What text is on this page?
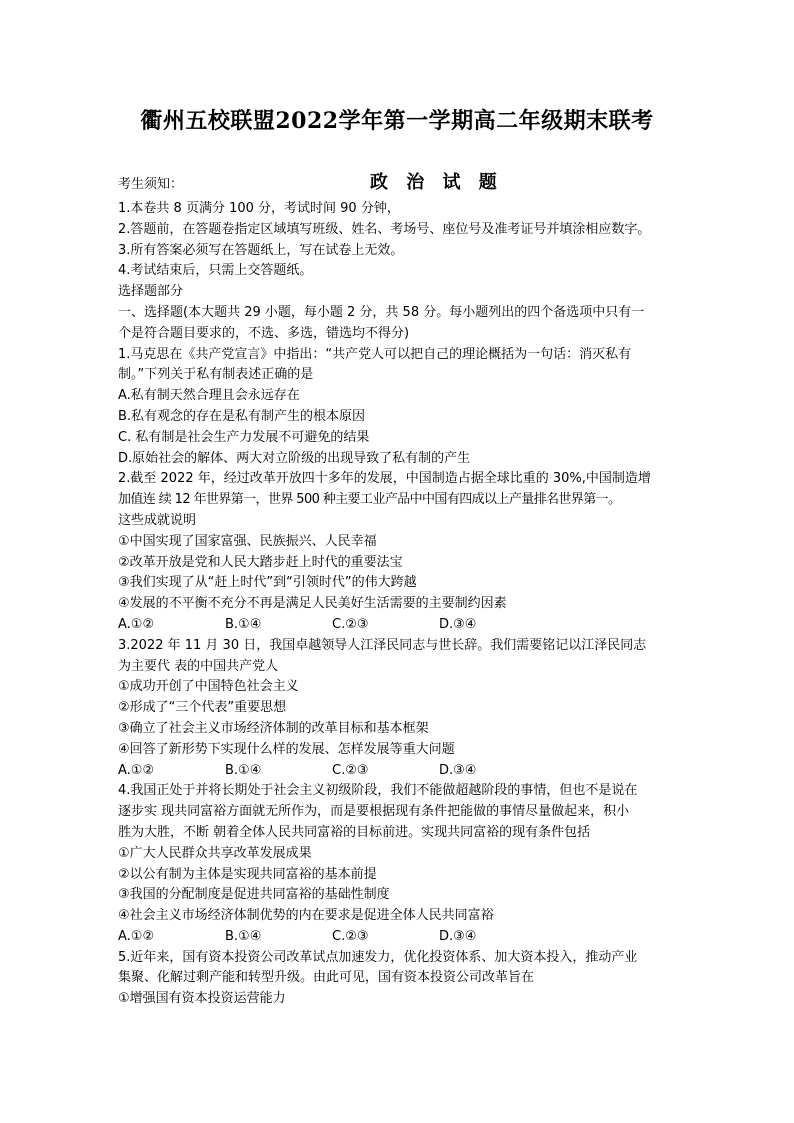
衢州五校联盟2022学年第一学期高二年级期末联考
考生须知：	政 治 试 题
1.本卷共 8 页满分 100 分，考试时间 90 分钟，
2.答题前，在答题卷指定区域填写班级、姓名、考场号、座位号及准考证号并填涂相应数字。
3.所有答案必须写在答题纸上，写在试卷上无效。
4.考试结束后，只需上交答题纸。
选择题部分
一、选择题(本大题共 29 小题，每小题 2 分，共 58 分。每小题列出的四个备选项中只有一
个是符合题目要求的，不选、多选，错选均不得分)
1.马克思在《共产党宣言》中指出：“共产党人可以把自己的理论概括为一句话：消灭私有
制。”下列关于私有制表述正确的是
A.私有制天然合理且会永远存在
B.私有观念的存在是私有制产生的根本原因
C. 私有制是社会生产力发展不可避免的结果
D.原始社会的解体、两大对立阶级的出现导致了私有制的产生
2.截至 2022 年，经过改革开放四十多年的发展，中国制造占据全球比重的 30%,中国制造增
加值连 续 12 年世界第一，世界 500 种主要工业产品中中国有四成以上产量排名世界第一。
这些成就说明
①中国实现了国家富强、民族振兴、人民幸福
②改革开放是党和人民大踏步赶上时代的重要法宝
③我们实现了从“赶上时代”到“引领时代”的伟大跨越
④发展的不平衡不充分不再是满足人民美好生活需要的主要制约因素
A.①②	B.①④	C.②③	D.③④
3.2022 年 11 月 30 日，我国卓越领导人江泽民同志与世长辞。我们需要铭记以江泽民同志
为主要代 表的中国共产党人
①成功开创了中国特色社会主义
②形成了“三个代表”重要思想
③确立了社会主义市场经济体制的改革目标和基本框架
④回答了新形势下实现什么样的发展、怎样发展等重大问题
A.①②	B.①④	C.②③	D.③④
4.我国正处于并将长期处于社会主义初级阶段，我们不能做超越阶段的事情，但也不是说在
逐步实 现共同富裕方面就无所作为，而是要根据现有条件把能做的事情尽量做起来，积小
胜为大胜，不断 朝着全体人民共同富裕的目标前进。实现共同富裕的现有条件包括
①广大人民群众共享改革发展成果
②以公有制为主体是实现共同富裕的基本前提
③我国的分配制度是促进共同富裕的基础性制度
④社会主义市场经济体制优势的内在要求是促进全体人民共同富裕
A.①②	B.①④	C.②③	D.③④
5.近年来，国有资本投资公司改革试点加速发力，优化投资体系、加大资本投入，推动产业
集聚、化解过剩产能和转型升级。由此可见，国有资本投资公司改革旨在
①增强国有资本投资运营能力
